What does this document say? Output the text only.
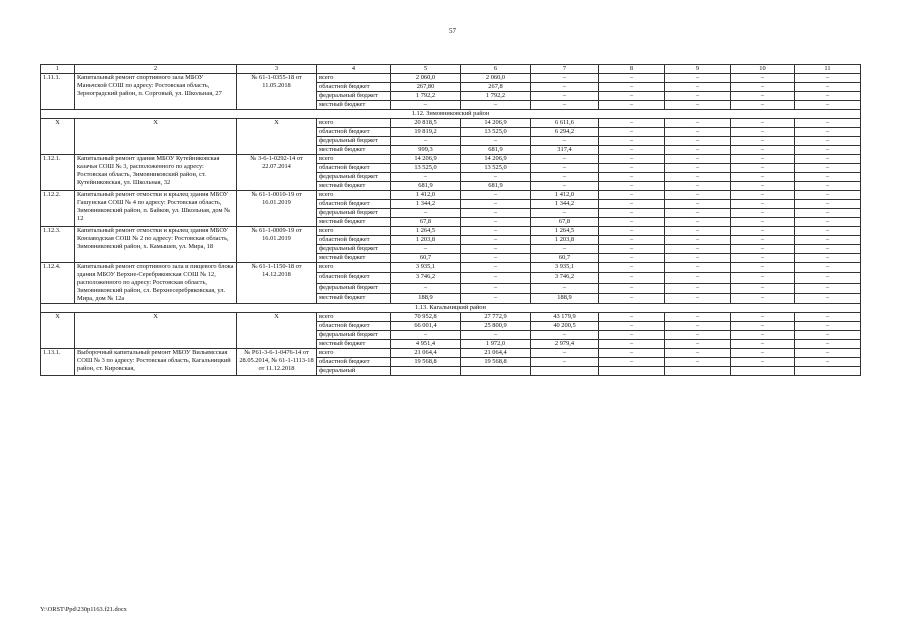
57
1	2	3	4	5	6	7	8	9	10	11
1.11.1.	Капитальный ремонт спортивного зала МБОУ Маньчской СОШ по адресу: Ростовская область, Зерноградский район, п. Сорговый, ул. Школьная, 27	№ 61-1-0355-18 от 11.05.2018	всего	2 060,0	2 060,0	–	–	–	–	–
			областной бюджет	267,80	267,8	–	–	–	–	–
			федеральный бюджет	1 792,2	1 792,2	–	–	–	–	–
			местный бюджет	–	–	–	–	–	–	–
1.12. Зимовниковский район										
Х	Х	Х	всего	20 818,5	14 206,9	6 611,6	–	–	–	–
			областной бюджет	19 819,2	13 525,0	6 294,2	–	–	–	–
			федеральный бюджет	–	–	–	–	–	–	–
			местный бюджет	999,3	681,9	317,4	–	–	–	–
1.12.1.	Капитальный ремонт здания МБОУ Кутейниковская казачья СОШ № 3, расположенного по адресу: Ростовская область, Зимовниковский район, ст. Кутейниковская, ул. Школьная, 32	№ 3-6-1-0292-14 от 22.07.2014	всего	14 206,9	14 206,9	–	–	–	–	–
			областной бюджет	13 525,0	13 525,0	–	–	–	–	–
			федеральный бюджет	–	–	–	–	–	–	–
			местный бюджет	681,9	681,9	–	–	–	–	–
1.12.2.	Капитальный ремонт отмостки и крылец здания МБОУ Гашунская СОШ № 4 по адресу: Ростовская область, Зимовниковский район, п. Байков, ул. Школьная, дом № 12	№ 61-1-0010-19 от 16.01.2019	всего	1 412,0	–	1 412,0	–	–	–	–
			областной бюджет	1 344,2	–	1 344,2	–	–	–	–
			федеральный бюджет	–	–	–	–	–	–	–
			местный бюджет	67,8	–	67,8	–	–	–	–
1.12.3.	Капитальный ремонт отмостки и крылец здания МБОУ Конзаводская СОШ № 2 по адресу: Ростовская область, Зимовниковский район, х. Камышев, ул. Мира, 18	№ 61-1-0009-19 от 16.01.2019	всего	1 264,5	–	1 264,5	–	–	–	–
			областной бюджет	1 203,8	–	1 203,8	–	–	–	–
			федеральный бюджет	–	–	–	–	–	–	–
			местный бюджет	60,7	–	60,7	–	–	–	–
1.12.4.	Капитальный ремонт спортивного зала и пищевого блока здания МБОУ Верхне-Серебряковская СОШ № 12, расположенного по адресу: Ростовская область, Зимовниковский район, сл. Верхнесеребряковская, ул. Мира, дом № 12а	№ 61-1-1150-18 от 14.12.2018	всего	3 935,1	–	3 935,1	–	–	–	–
			областной бюджет	3 746,2	–	3 746,2	–	–	–	–
			федеральный бюджет	–	–	–	–	–	–	–
			местный бюджет	188,9	–	188,9	–	–	–	–
1.13. Кагальницкий район										
Х	Х	Х	всего	70 952,8	27 772,9	43 179,9	–	–	–	–
			областной бюджет	66 001,4	25 800,9	40 200,5	–	–	–	–
			федеральный бюджет	–	–	–	–	–	–	–
			местный бюджет	4 951,4	1 972,0	2 979,4	–	–	–	–
1.13.1.	Выборочный капитальный ремонт МБОУ Вильямсская СОШ № 3 по адресу: Ростовская область, Кагальницкий район, ст. Кировская,	№ Р61-3-6-1-0476-14 от 28.05.2014, № 61-1-1113-18 от 11.12.2018	всего	21 064,4	21 064,4	–	–	–	–	–
			областной бюджет	19 568,8	19 568,8	–	–	–	–	–
			федеральный							
Y:\ORST\Ppd\230p1163.f21.docx
